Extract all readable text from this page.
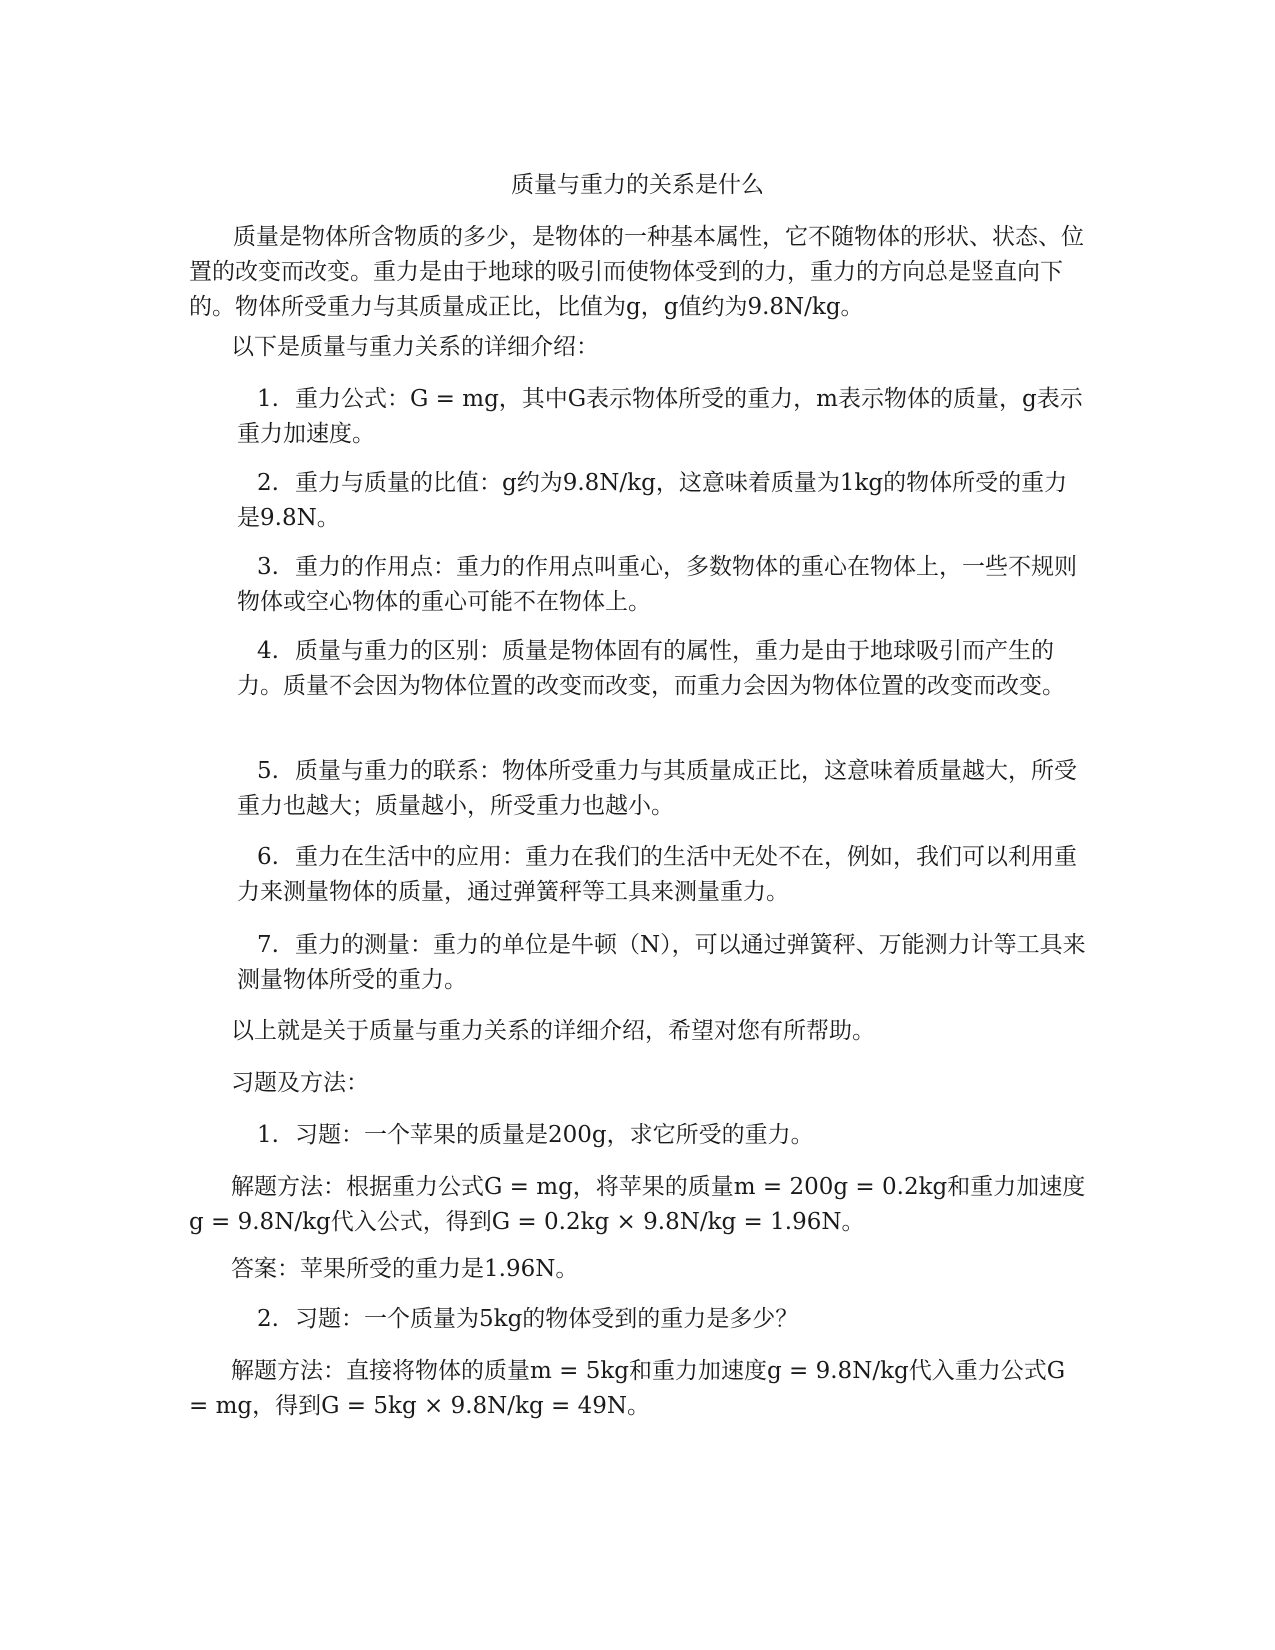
质量与重力的关系是什么
质量是物体所含物质的多少，是物体的一种基本属性，它不随物体的形状、状态、位置的改变而改变。重力是由于地球的吸引而使物体受到的力，重力的方向总是竖直向下的。物体所受重力与其质量成正比，比值为g，g值约为9.8N/kg。
以下是质量与重力关系的详细介绍：
1. 重力公式：G = mg，其中G表示物体所受的重力，m表示物体的质量，g表示重力加速度。
2. 重力与质量的比值：g约为9.8N/kg，这意味着质量为1kg的物体所受的重力是9.8N。
3. 重力的作用点：重力的作用点叫重心，多数物体的重心在物体上，一些不规则物体或空心物体的重心可能不在物体上。
4. 质量与重力的区别：质量是物体固有的属性，重力是由于地球吸引而产生的力。质量不会因为物体位置的改变而改变，而重力会因为物体位置的改变而改变。
5. 质量与重力的联系：物体所受重力与其质量成正比，这意味着质量越大，所受重力也越大；质量越小，所受重力也越小。
6. 重力在生活中的应用：重力在我们的生活中无处不在，例如，我们可以利用重力来测量物体的质量，通过弹簧秤等工具来测量重力。
7. 重力的测量：重力的单位是牛顿（N），可以通过弹簧秤、万能测力计等工具来测量物体所受的重力。
以上就是关于质量与重力关系的详细介绍，希望对您有所帮助。
习题及方法：
1. 习题：一个苹果的质量是200g，求它所受的重力。
解题方法：根据重力公式G = mg，将苹果的质量m = 200g = 0.2kg和重力加速度g = 9.8N/kg代入公式，得到G = 0.2kg × 9.8N/kg = 1.96N。
答案：苹果所受的重力是1.96N。
2. 习题：一个质量为5kg的物体受到的重力是多少？
解题方法：直接将物体的质量m = 5kg和重力加速度g = 9.8N/kg代入重力公式G = mg，得到G = 5kg × 9.8N/kg = 49N。
